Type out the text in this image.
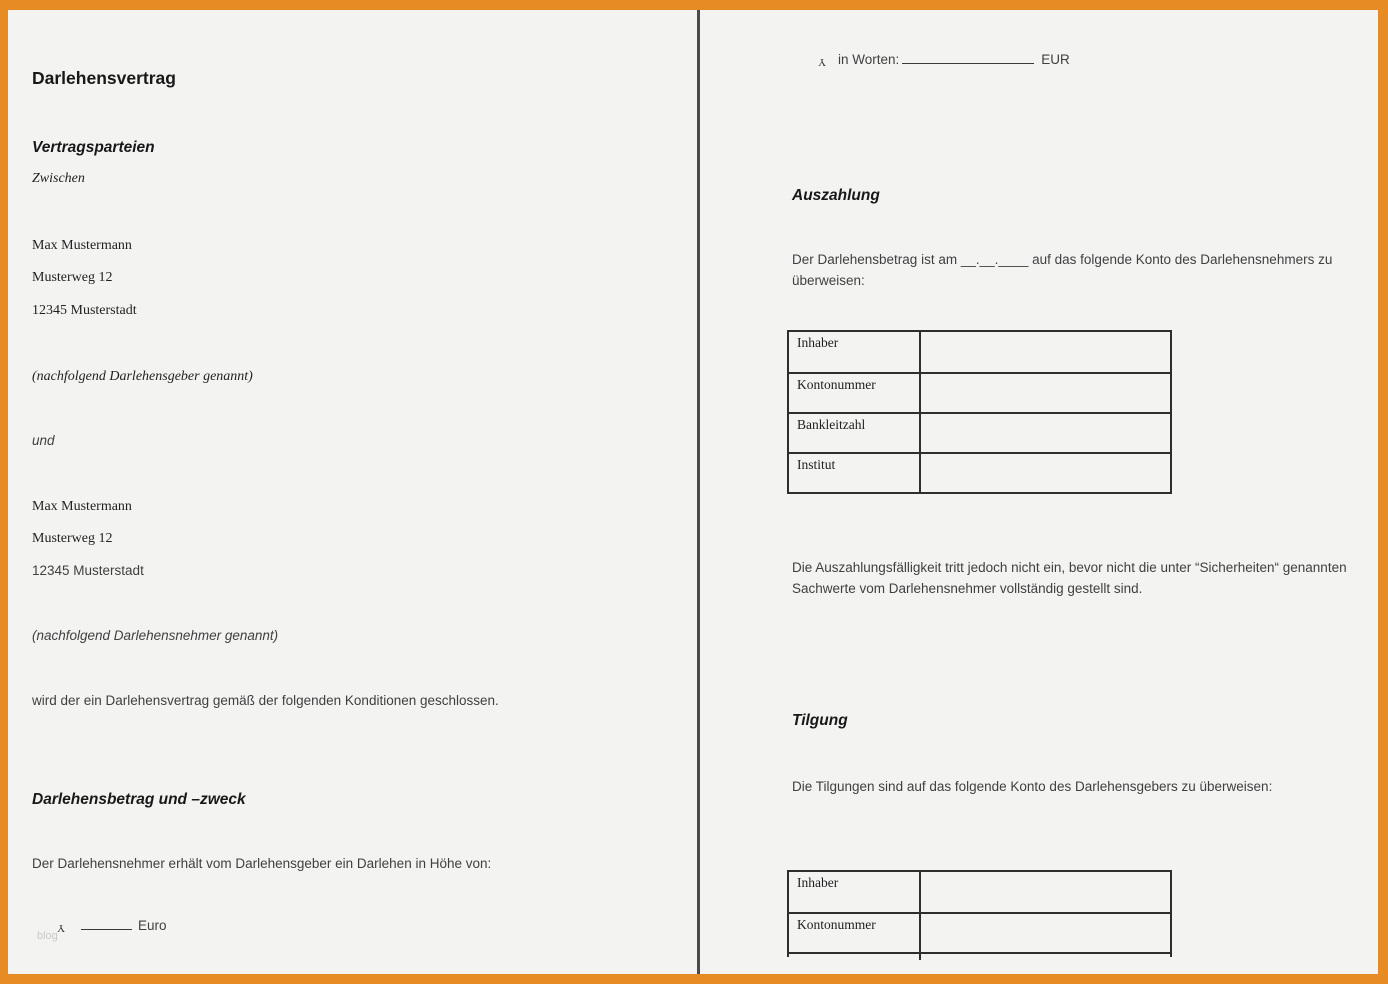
Darlehensvertrag
Vertragsparteien
Zwischen
Max Mustermann
Musterweg 12
12345 Musterstadt
(nachfolgend Darlehensgeber genannt)
und
Max Mustermann
Musterweg 12
12345 Musterstadt
(nachfolgend Darlehensnehmer genannt)
wird der ein Darlehensvertrag gemäß der folgenden Konditionen geschlossen.
Darlehensbetrag und –zweck
Der Darlehensnehmer erhält vom Darlehensgeber ein Darlehen in Höhe von:
Y	Euro
blog
Y in Worten:	EUR
Auszahlung
Der Darlehensbetrag ist am __.__.____ auf das folgende Konto des Darlehensnehmers zu überweisen:
Inhaber
Kontonummer
Bankleitzahl
Institut
Die Auszahlungsfälligkeit tritt jedoch nicht ein, bevor nicht die unter “Sicherheiten“ genannten Sachwerte vom Darlehensnehmer vollständig gestellt sind.
Tilgung
Die Tilgungen sind auf das folgende Konto des Darlehensgebers zu überweisen:
Inhaber
Kontonummer
